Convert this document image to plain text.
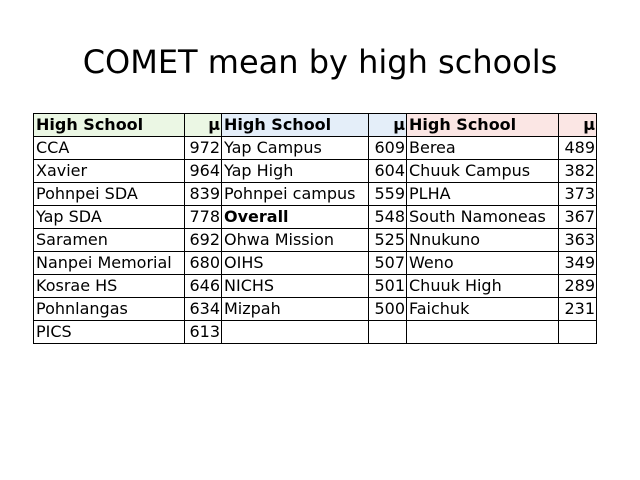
COMET mean by high schools
High School	μ	High School	μ	High School	μ
CCA	972	Yap Campus	609	Berea	489
Xavier	964	Yap High	604	Chuuk Campus	382
Pohnpei SDA	839	Pohnpei campus	559	PLHA	373
Yap SDA	778	Overall	548	South Namoneas	367
Saramen	692	Ohwa Mission	525	Nnukuno	363
Nanpei Memorial	680	OIHS	507	Weno	349
Kosrae HS	646	NICHS	501	Chuuk High	289
Pohnlangas	634	Mizpah	500	Faichuk	231
PICS	613				
